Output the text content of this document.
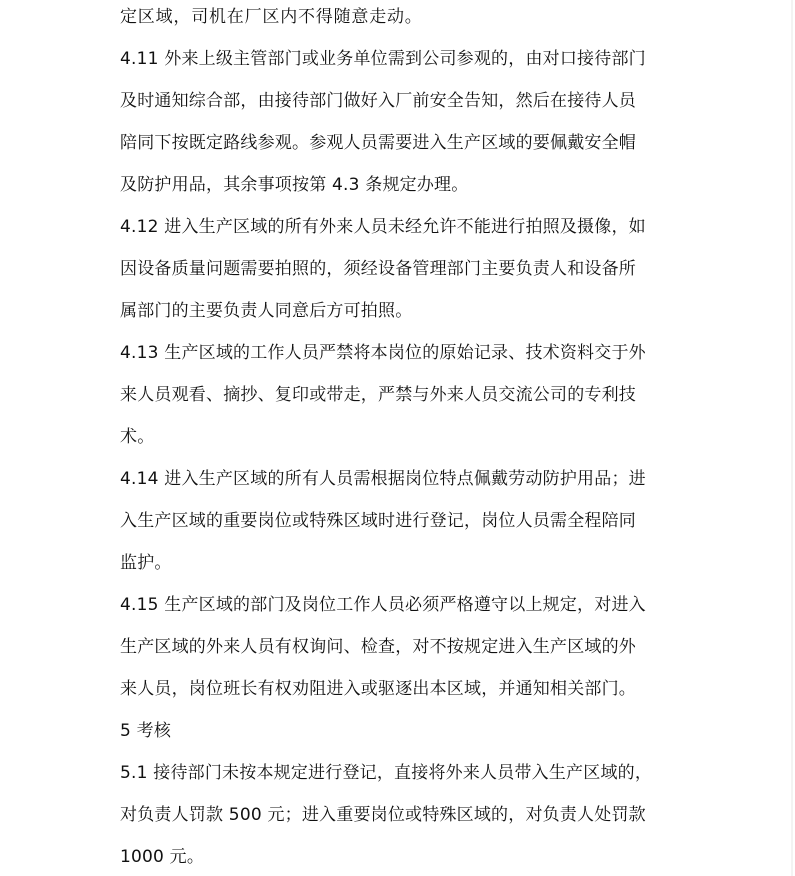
定区域，司机在厂区内不得随意走动。
4.11 外来上级主管部门或业务单位需到公司参观的，由对口接待部门
及时通知综合部，由接待部门做好入厂前安全告知，然后在接待人员
陪同下按既定路线参观。参观人员需要进入生产区域的要佩戴安全帽
及防护用品，其余事项按第 4.3 条规定办理。
4.12 进入生产区域的所有外来人员未经允许不能进行拍照及摄像，如
因设备质量问题需要拍照的，须经设备管理部门主要负责人和设备所
属部门的主要负责人同意后方可拍照。
4.13 生产区域的工作人员严禁将本岗位的原始记录、技术资料交于外
来人员观看、摘抄、复印或带走，严禁与外来人员交流公司的专利技
术。
4.14 进入生产区域的所有人员需根据岗位特点佩戴劳动防护用品；进
入生产区域的重要岗位或特殊区域时进行登记，岗位人员需全程陪同
监护。
4.15 生产区域的部门及岗位工作人员必须严格遵守以上规定，对进入
生产区域的外来人员有权询问、检查，对不按规定进入生产区域的外
来人员，岗位班长有权劝阻进入或驱逐出本区域，并通知相关部门。
5 考核
5.1 接待部门未按本规定进行登记，直接将外来人员带入生产区域的，
对负责人罚款 500 元；进入重要岗位或特殊区域的，对负责人处罚款
1000 元。
